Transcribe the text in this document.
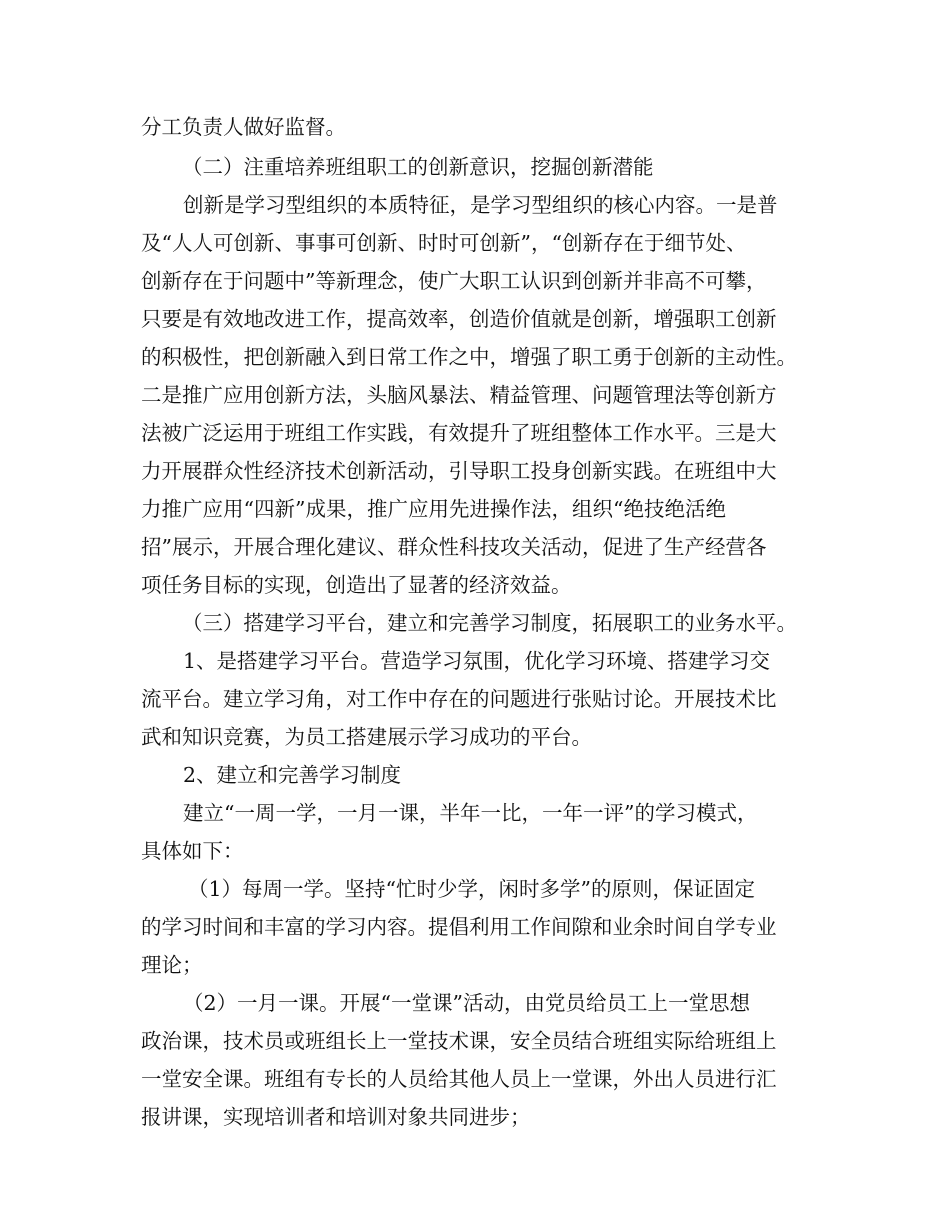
分工负责人做好监督。
（二）注重培养班组职工的创新意识，挖掘创新潜能
创新是学习型组织的本质特征，是学习型组织的核心内容。一是普
及“人人可创新、事事可创新、时时可创新”，“创新存在于细节处、
创新存在于问题中”等新理念，使广大职工认识到创新并非高不可攀，
只要是有效地改进工作，提高效率，创造价值就是创新，增强职工创新
的积极性，把创新融入到日常工作之中，增强了职工勇于创新的主动性。
二是推广应用创新方法，头脑风暴法、精益管理、问题管理法等创新方
法被广泛运用于班组工作实践，有效提升了班组整体工作水平。三是大
力开展群众性经济技术创新活动，引导职工投身创新实践。在班组中大
力推广应用“四新”成果，推广应用先进操作法，组织“绝技绝活绝
招”展示，开展合理化建议、群众性科技攻关活动，促进了生产经营各
项任务目标的实现，创造出了显著的经济效益。
（三）搭建学习平台，建立和完善学习制度，拓展职工的业务水平。
1、是搭建学习平台。营造学习氛围，优化学习环境、搭建学习交
流平台。建立学习角，对工作中存在的问题进行张贴讨论。开展技术比
武和知识竞赛，为员工搭建展示学习成功的平台。
2、建立和完善学习制度
建立“一周一学，一月一课，半年一比，一年一评”的学习模式，
具体如下：
（1）每周一学。坚持“忙时少学，闲时多学”的原则，保证固定
的学习时间和丰富的学习内容。提倡利用工作间隙和业余时间自学专业
理论；
（2）一月一课。开展“一堂课”活动，由党员给员工上一堂思想
政治课，技术员或班组长上一堂技术课，安全员结合班组实际给班组上
一堂安全课。班组有专长的人员给其他人员上一堂课，外出人员进行汇
报讲课，实现培训者和培训对象共同进步；
